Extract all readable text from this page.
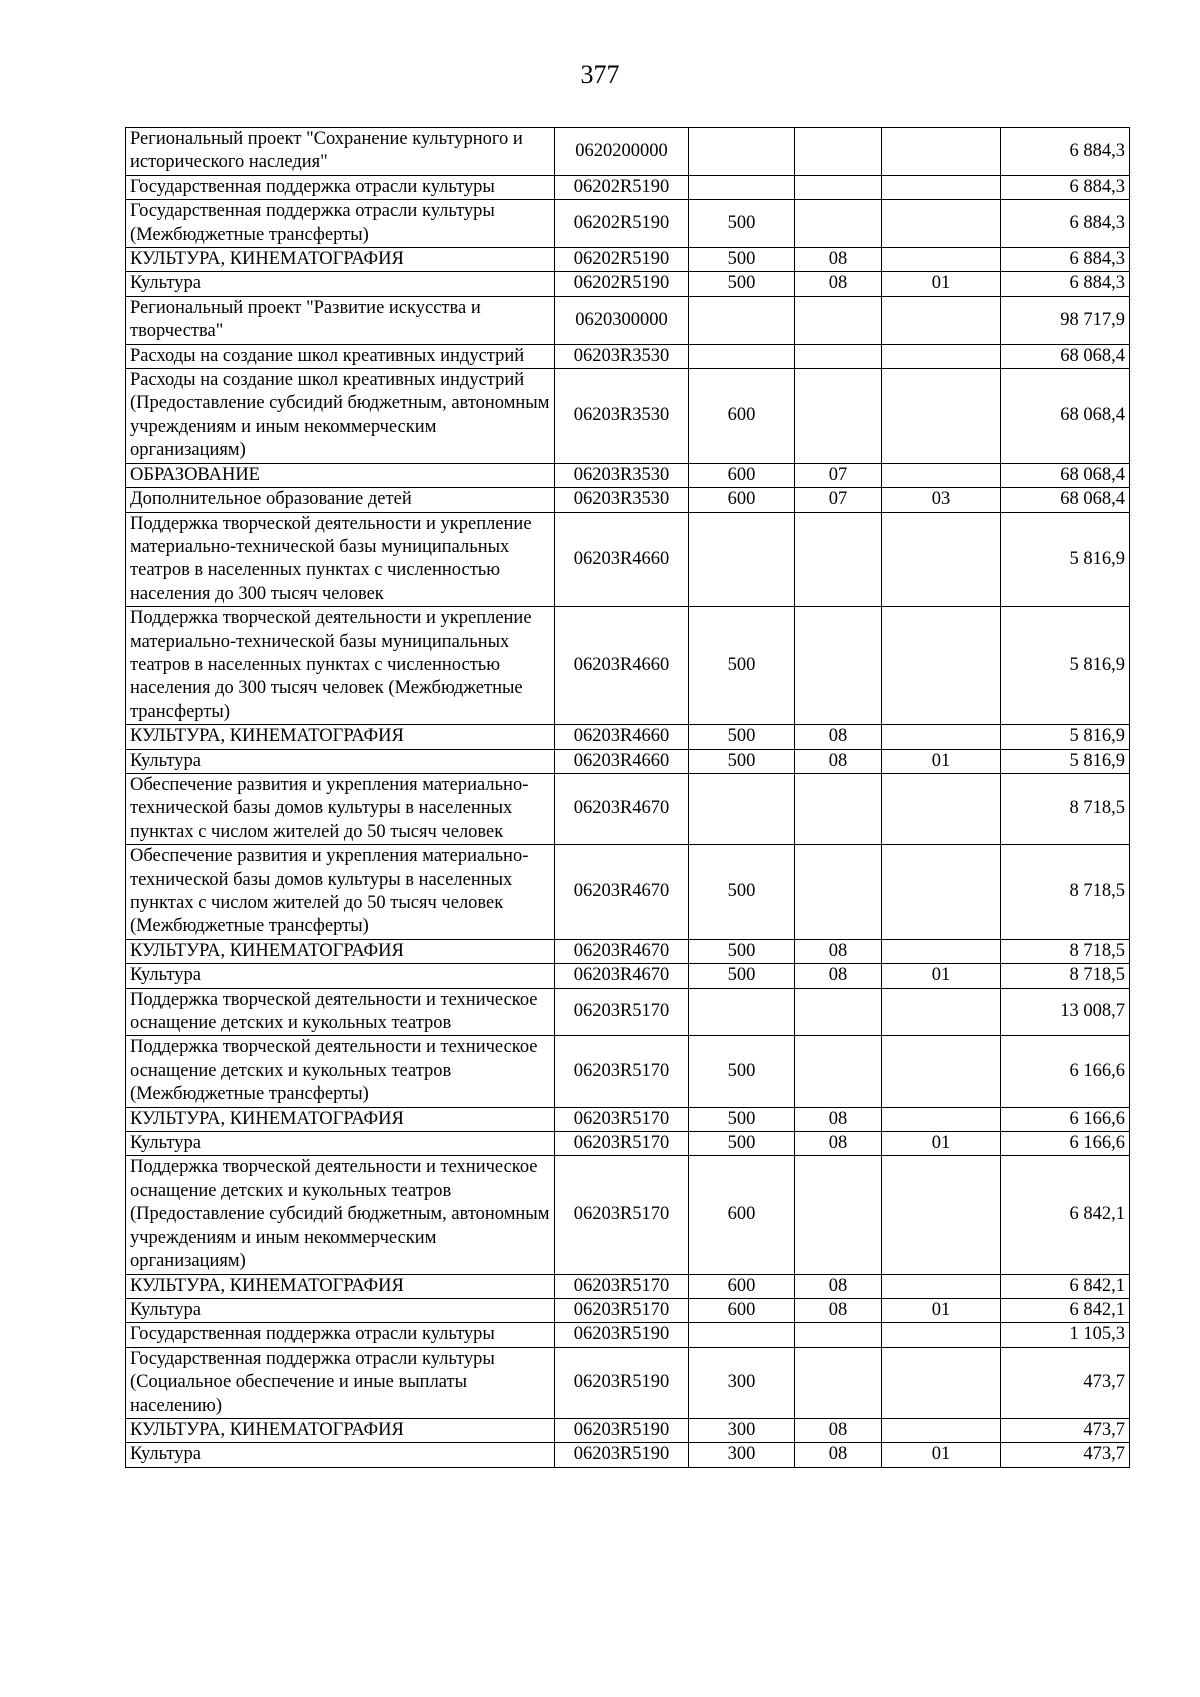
377
Региональный проект "Сохранение культурного и исторического наследия"	0620200000				6 884,3
Государственная поддержка отрасли культуры	06202R5190				6 884,3
Государственная поддержка отрасли культуры (Межбюджетные трансферты)	06202R5190	500			6 884,3
КУЛЬТУРА, КИНЕМАТОГРАФИЯ	06202R5190	500	08		6 884,3
Культура	06202R5190	500	08	01	6 884,3
Региональный проект "Развитие искусства и творчества"	0620300000				98 717,9
Расходы на создание школ креативных индустрий	06203R3530				68 068,4
Расходы на создание школ креативных индустрий (Предоставление субсидий бюджетным, автономным учреждениям и иным некоммерческим организациям)	06203R3530	600			68 068,4
ОБРАЗОВАНИЕ	06203R3530	600	07		68 068,4
Дополнительное образование детей	06203R3530	600	07	03	68 068,4
Поддержка творческой деятельности и укрепление материально-технической базы муниципальных театров в населенных пунктах с численностью населения до 300 тысяч человек	06203R4660				5 816,9
Поддержка творческой деятельности и укрепление материально-технической базы муниципальных театров в населенных пунктах с численностью населения до 300 тысяч человек (Межбюджетные трансферты)	06203R4660	500			5 816,9
КУЛЬТУРА, КИНЕМАТОГРАФИЯ	06203R4660	500	08		5 816,9
Культура	06203R4660	500	08	01	5 816,9
Обеспечение развития и укрепления материально-технической базы домов культуры в населенных пунктах с числом жителей до 50 тысяч человек	06203R4670				8 718,5
Обеспечение развития и укрепления материально-технической базы домов культуры в населенных пунктах с числом жителей до 50 тысяч человек (Межбюджетные трансферты)	06203R4670	500			8 718,5
КУЛЬТУРА, КИНЕМАТОГРАФИЯ	06203R4670	500	08		8 718,5
Культура	06203R4670	500	08	01	8 718,5
Поддержка творческой деятельности и техническое оснащение детских и кукольных театров	06203R5170				13 008,7
Поддержка творческой деятельности и техническое оснащение детских и кукольных театров (Межбюджетные трансферты)	06203R5170	500			6 166,6
КУЛЬТУРА, КИНЕМАТОГРАФИЯ	06203R5170	500	08		6 166,6
Культура	06203R5170	500	08	01	6 166,6
Поддержка творческой деятельности и техническое оснащение детских и кукольных театров (Предоставление субсидий бюджетным, автономным учреждениям и иным некоммерческим организациям)	06203R5170	600			6 842,1
КУЛЬТУРА, КИНЕМАТОГРАФИЯ	06203R5170	600	08		6 842,1
Культура	06203R5170	600	08	01	6 842,1
Государственная поддержка отрасли культуры	06203R5190				1 105,3
Государственная поддержка отрасли культуры (Социальное обеспечение и иные выплаты населению)	06203R5190	300			473,7
КУЛЬТУРА, КИНЕМАТОГРАФИЯ	06203R5190	300	08		473,7
Культура	06203R5190	300	08	01	473,7
